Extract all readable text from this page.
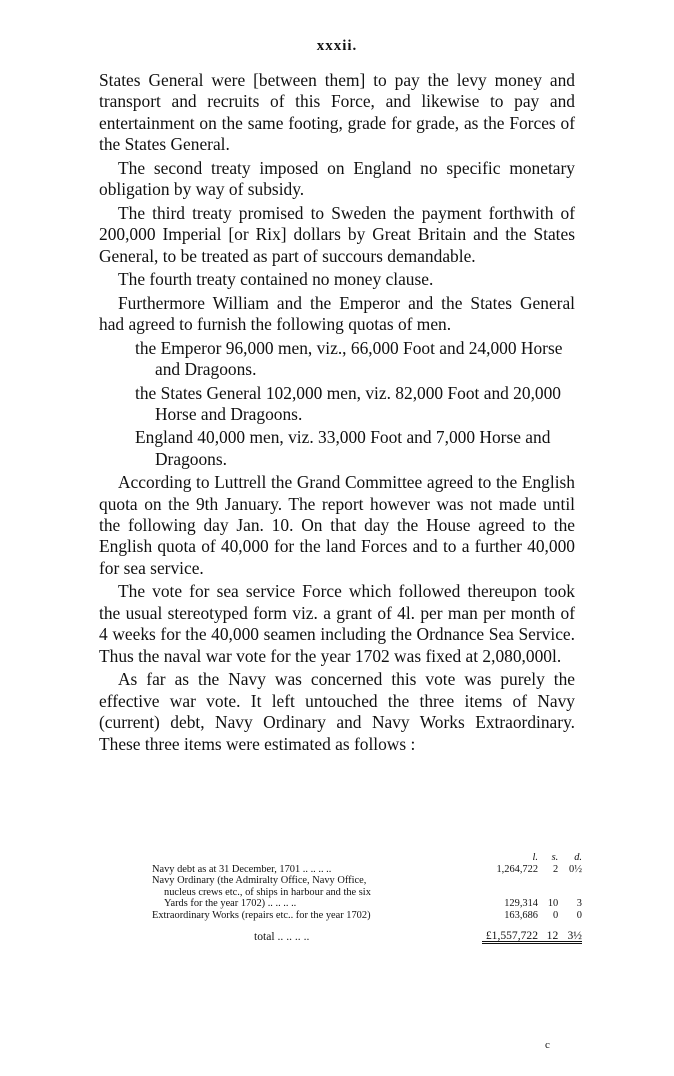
xxxii.

States General were [between them] to pay the levy money and transport and recruits of this Force, and likewise to pay and entertainment on the same footing, grade for grade, as the Forces of the States General.

The second treaty imposed on England no specific monetary obligation by way of subsidy.

The third treaty promised to Sweden the payment forthwith of 200,000 Imperial [or Rix] dollars by Great Britain and the States General, to be treated as part of succours demandable.

The fourth treaty contained no money clause.

Furthermore William and the Emperor and the States General had agreed to furnish the following quotas of men.

the Emperor 96,000 men, viz., 66,000 Foot and 24,000 Horse and Dragoons.

the States General 102,000 men, viz. 82,000 Foot and 20,000 Horse and Dragoons.

England 40,000 men, viz. 33,000 Foot and 7,000 Horse and Dragoons.

According to Luttrell the Grand Committee agreed to the English quota on the 9th January. The report however was not made until the following day Jan. 10. On that day the House agreed to the English quota of 40,000 for the land Forces and to a further 40,000 for sea service.

The vote for sea service Force which followed thereupon took the usual stereotyped form viz. a grant of 4l. per man per month of 4 weeks for the 40,000 seamen including the Ordnance Sea Service. Thus the naval war vote for the year 1702 was fixed at 2,080,000l.

As far as the Navy was concerned this vote was purely the effective war vote. It left untouched the three items of Navy (current) debt, Navy Ordinary and Navy Works Extraordinary. These three items were estimated as follows :

	l.	s.	d.
Navy debt as at 31 December, 1701 .. .. .. ..	1,264,722	2	0½
Navy Ordinary (the Admiralty Office, Navy Office,			
nucleus crews etc., of ships in harbour and the six			
Yards for the year 1702) .. .. .. ..	129,314	10	3
Extraordinary Works (repairs etc.. for the year 1702)	163,686	0	0
total .. .. .. ..	£1,557,722	12	3½
c
